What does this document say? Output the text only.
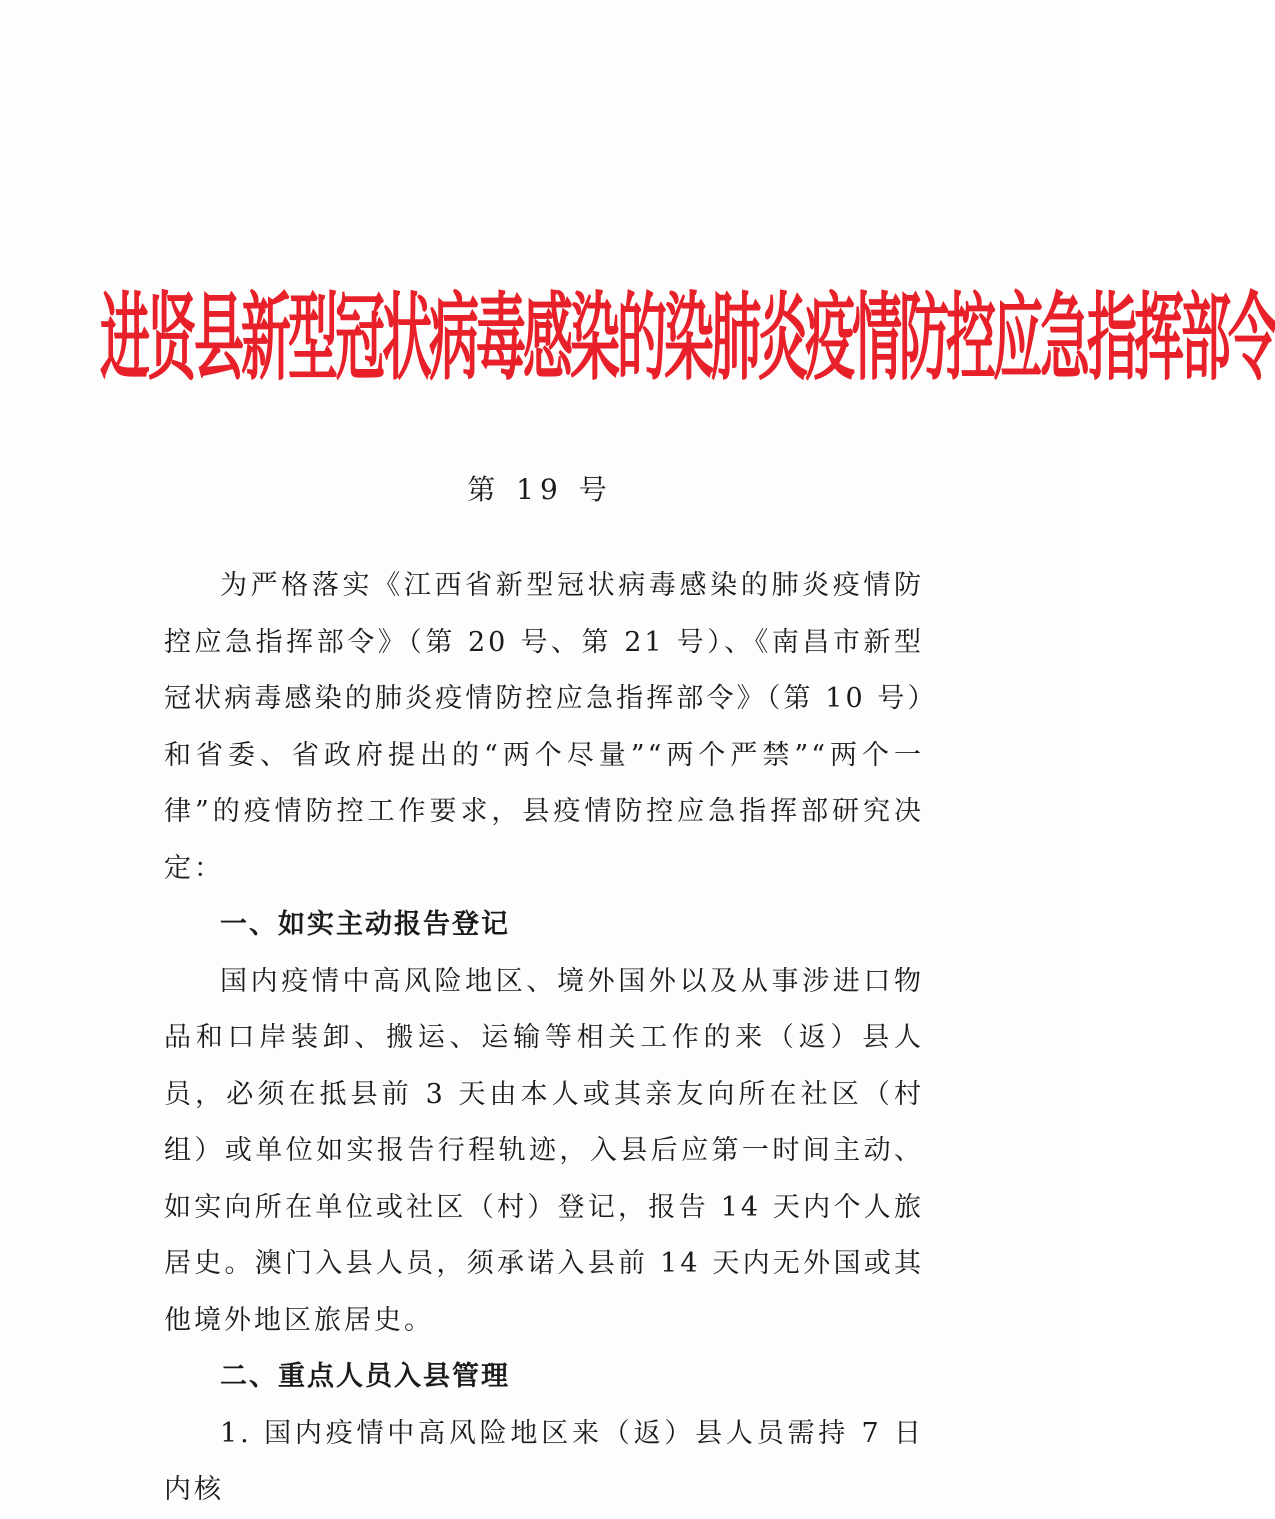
进贤县新型冠状病毒感染的染肺炎疫情防控应急指挥部令
第 19 号

为严格落实《江西省新型冠状病毒感染的肺炎疫情防控应急指挥部令》（第 20 号、第 21 号）、《南昌市新型冠状病毒感染的肺炎疫情防控应急指挥部令》（第 10 号）和省委、省政府提出的“两个尽量”“两个严禁”“两个一律”的疫情防控工作要求，县疫情防控应急指挥部研究决定：

一、如实主动报告登记

国内疫情中高风险地区、境外国外以及从事涉进口物品和口岸装卸、搬运、运输等相关工作的来（返）县人员，必须在抵县前 3 天由本人或其亲友向所在社区（村组）或单位如实报告行程轨迹，入县后应第一时间主动、如实向所在单位或社区（村）登记，报告 14 天内个人旅居史。澳门入县人员，须承诺入县前 14 天内无外国或其他境外地区旅居史。

二、重点人员入县管理

1. 国内疫情中高风险地区来（返）县人员需持 7 日内核
